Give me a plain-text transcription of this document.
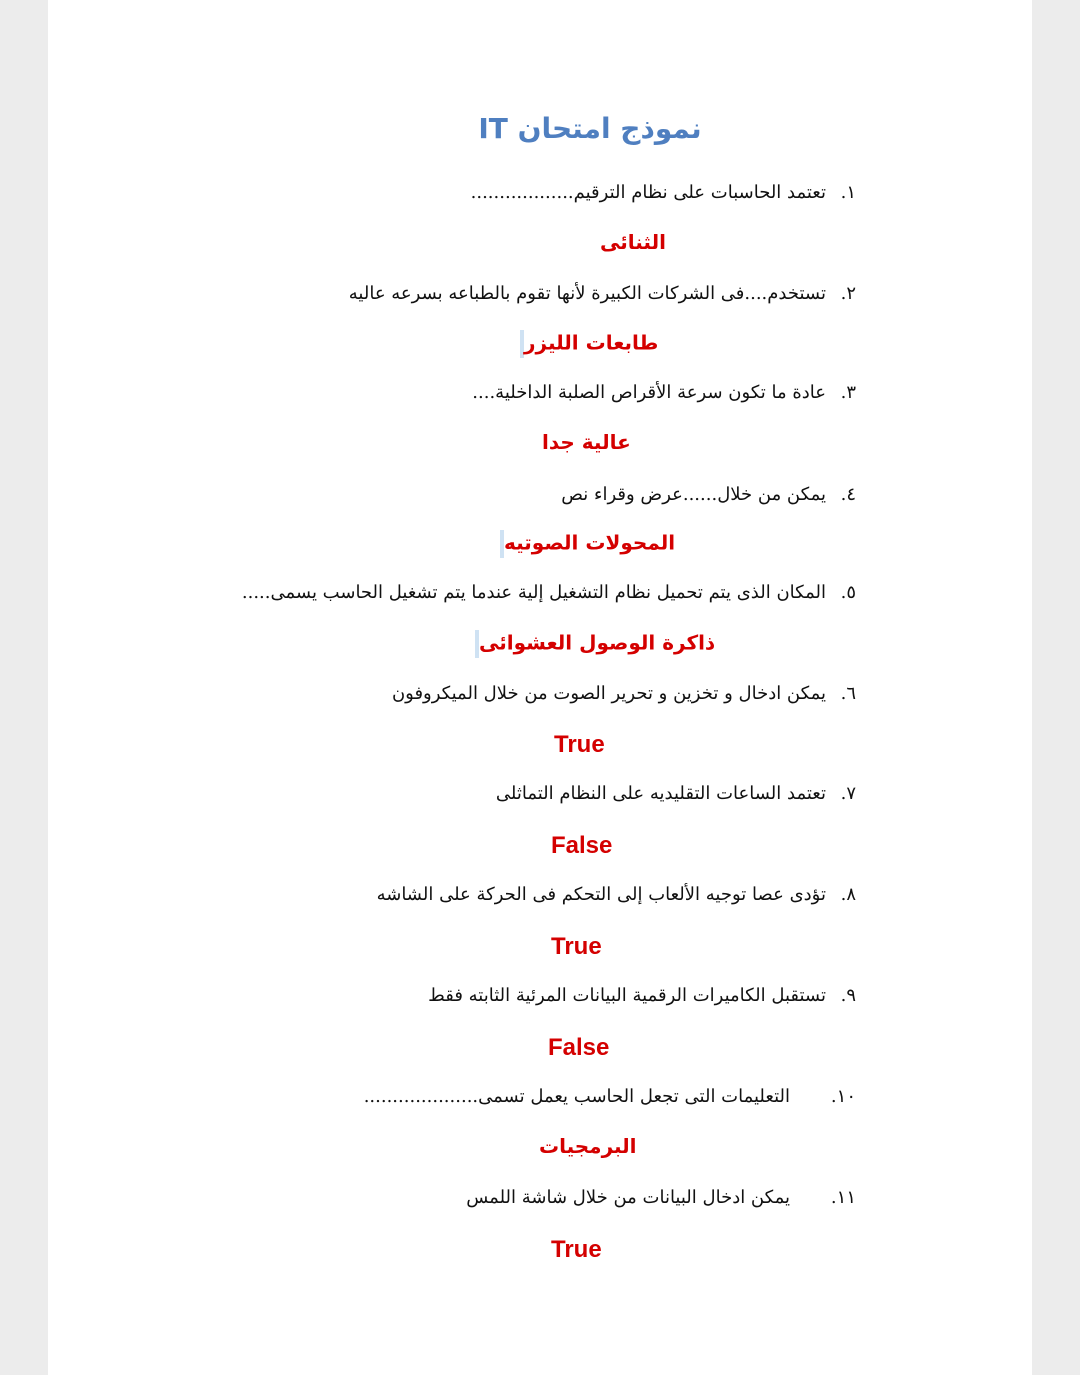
نموذج امتحان IT
١.
تعتمد الحاسبات على نظام الترقيم..................
الثنائى
٢.
تستخدم....فى الشركات الكبيرة لأنها تقوم بالطباعه بسرعه عاليه
طابعات الليزر
٣.
عادة ما تكون سرعة الأقراص الصلبة الداخلية....
عالية جدا
٤.
يمكن من خلال......عرض وقراء نص
المحولات الصوتيه
٥.
المكان الذى يتم تحميل نظام التشغيل إلية عندما يتم تشغيل الحاسب يسمى.....
ذاكرة الوصول العشوائى
٦.
يمكن ادخال و تخزين و تحرير الصوت من خلال الميكروفون
True
٧.
تعتمد الساعات التقليديه على النظام التماثلى
False
٨.
تؤدى عصا توجيه الألعاب إلى التحكم فى الحركة على الشاشه
True
٩.
تستقبل الكاميرات الرقمية البيانات المرئية الثابته فقط
False
١٠.
التعليمات التى تجعل الحاسب يعمل تسمى....................
البرمجيات
١١.
يمكن ادخال البيانات من خلال شاشة اللمس
True
